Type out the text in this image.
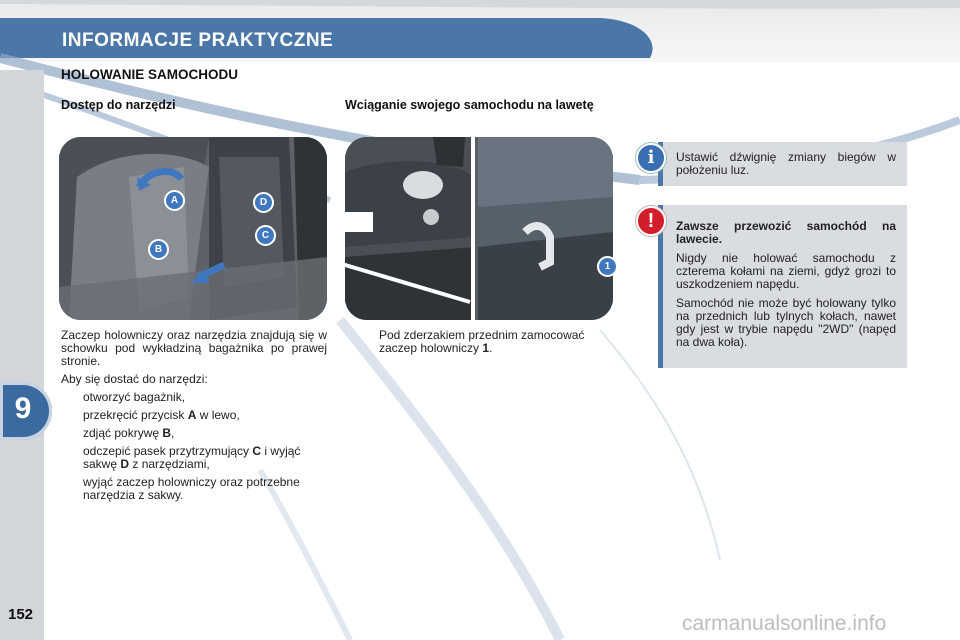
INFORMACJE PRAKTYCZNE
9
152
HOLOWANIE SAMOCHODU
Dostęp do narzędzi	Wciąganie swojego samochodu na lawetę
A
B
C
D
1

Zaczep holowniczy oraz narzędzia znajdują się w schowku pod wykładziną bagażnika po prawej stronie.

Aby się dostać do narzędzi:

otworzyć bagażnik,
przekręcić przycisk A w lewo,
zdjąć pokrywę B,
odczepić pasek przytrzymujący C i wyjąć sakwę D z narzędziami,
wyjąć zaczep holowniczy oraz potrzebne narzędzia z sakwy.
Pod zderzakiem przednim zamocować zaczep holowniczy 1.
i	Ustawić dźwignię zmiany biegów w położeniu luz.
!	Zawsze przewozić samochód na lawecie.

Nigdy nie holować samochodu z czterema kołami na ziemi, gdyż grozi to uszkodzeniem napędu.

Samochód nie może być holowany tylko na przednich lub tylnych kołach, nawet gdy jest w trybie napędu "2WD" (napęd na dwa koła).

carmanualsonline.info
